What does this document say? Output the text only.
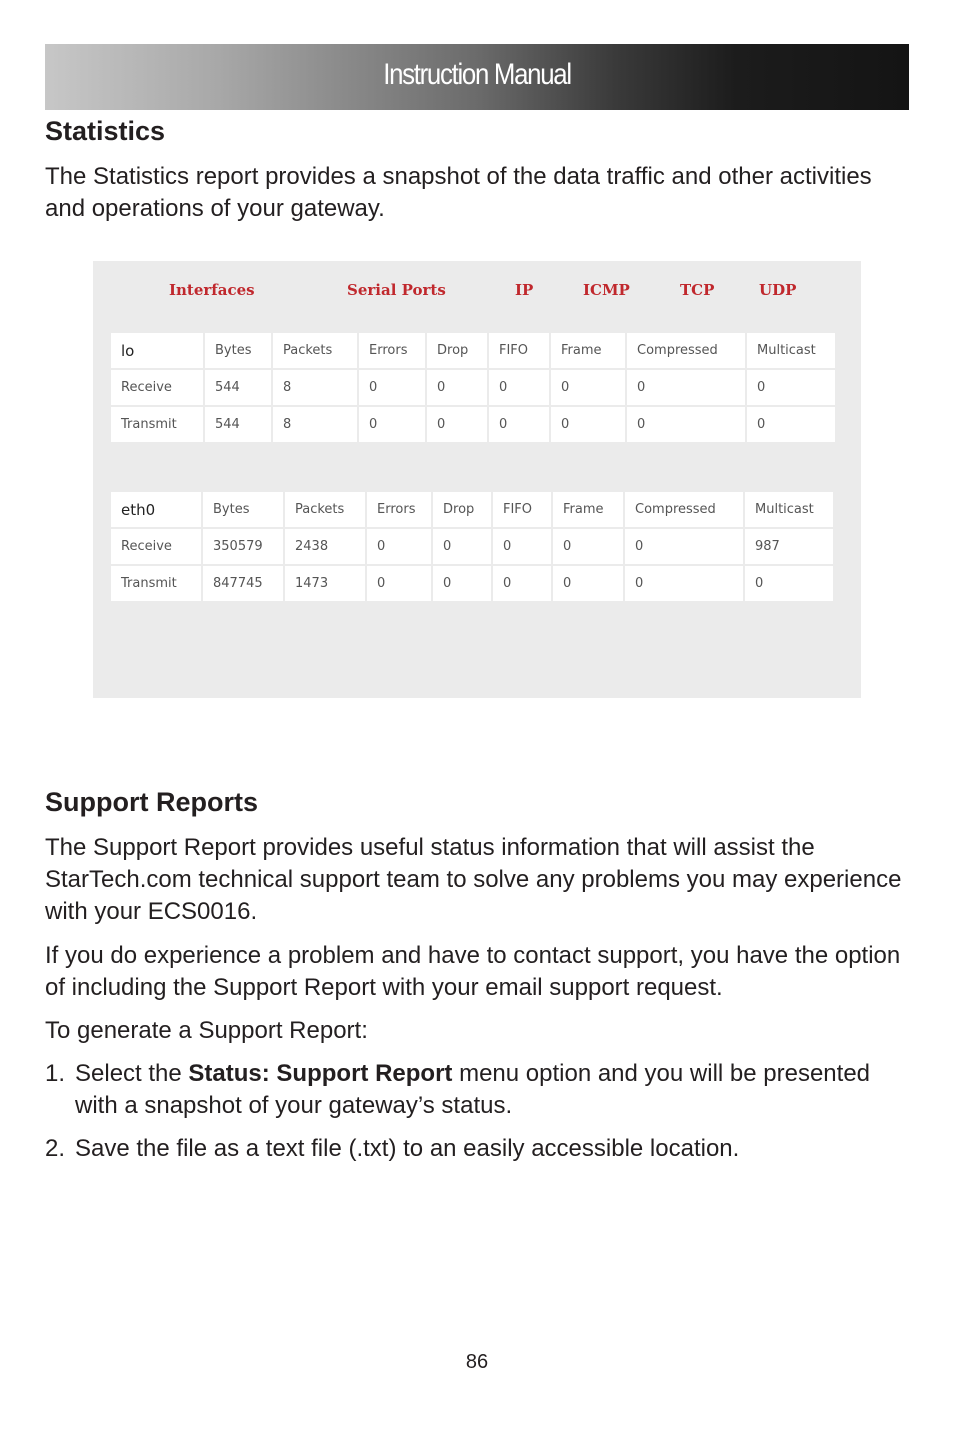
Instruction Manual
Statistics

The Statistics report provides a snapshot of the data traffic and other activities and operations of your gateway.

Interfaces	Serial Ports	IP	ICMP	TCP	UDP
lo	Bytes	Packets	Errors	Drop	FIFO	Frame	Compressed	Multicast
Receive	544	8	0	0	0	0	0	0
Transmit	544	8	0	0	0	0	0	0
eth0	Bytes	Packets	Errors	Drop	FIFO	Frame	Compressed	Multicast
Receive	350579	2438	0	0	0	0	0	987
Transmit	847745	1473	0	0	0	0	0	0
Support Reports

The Support Report provides useful status information that will assist the StarTech.com technical support team to solve any problems you may experience with your ECS0016.

If you do experience a problem and have to contact support, you have the option of including the Support Report with your email support request.

To generate a Support Report:

1. Select the Status: Support Report menu option and you will be presented with a snapshot of your gateway’s status.
2. Save the file as a text file (.txt) to an easily accessible location.
86
